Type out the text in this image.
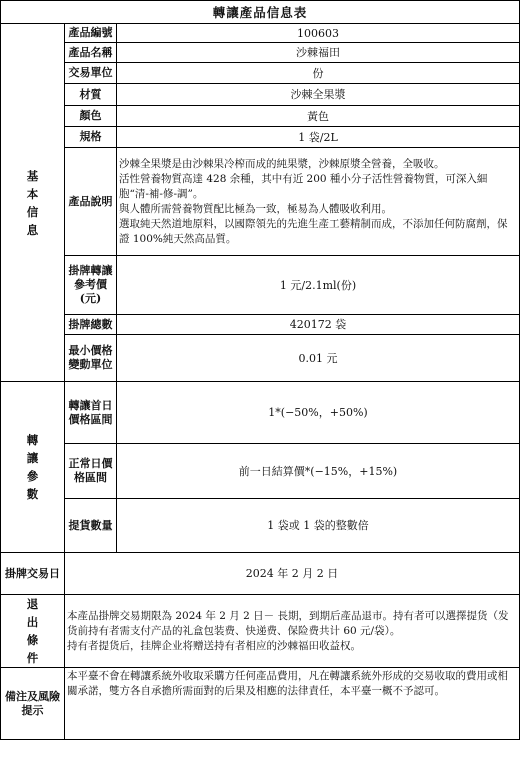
轉讓產品信息表		
基本信息	產品編號	100603
	產品名稱	沙棘福田
	交易單位	份
	材質	沙棘全果漿
	顏色	黃色
	規格	1 袋/2L
	產品說明	沙棘全果漿是由沙棘果冷榨而成的純果漿，沙棘原漿全營養，全吸收。

活性營養物質高達 428 余種，其中有近 200 種小分子活性營養物質，可深入細胞“清-補-修-調”。

與人體所需營養物質配比極為一致，極易為人體吸收利用。

選取純天然道地原料，以國際領先的先進生產工藝精制而成，不添加任何防腐劑，保證 100%純天然高品質。

	掛牌轉讓參考價(元)	1 元/2.1ml(份)
	掛牌總數	420172 袋
	最小價格變動單位	0.01 元
轉讓參數	轉讓首日價格區間	1*(−50%，+50%)
	正常日價格區間	前一日結算價*(−15%，+15%)
	提貨數量	1 袋或 1 袋的整數倍
掛牌交易日	2024 年 2 月 2 日	
退出條件	本產品掛牌交易期限為 2024 年 2 月 2 日－ 長期，到期后產品退市。持有者可以選擇提货（发货前持有者需支付产品的礼盒包装费、快递费、保险费共计 60 元/袋）。

持有者提货后，挂牌企业将赠送持有者相应的沙棘福田收益权。	

備注及風險提示	本平臺不會在轉讓系統外收取采購方任何產品費用，凡在轉讓系統外形成的交易收取的費用或相關承諾，雙方各自承擔所需面對的后果及相應的法律責任，本平臺一概不予認可。	
